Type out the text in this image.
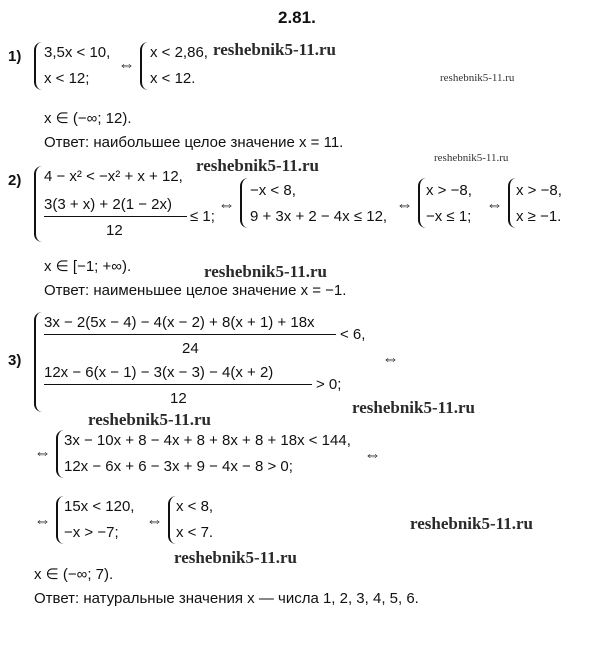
2.81.
1) 3,5x < 10,
x < 12;
⇔
x < 2,86,
x < 12.
reshebnik5-11.ru
reshebnik5-11.ru
x ∈ (−∞; 12).
Ответ: наибольшее целое значение x = 11.
reshebnik5-11.ru	reshebnik5-11.ru
2) 4 − x² < −x² + x + 12,
3(3 + x) + 2(1 − 2x)
12
≤ 1;
⇔
−x < 8,
9 + 3x + 2 − 4x ≤ 12,
⇔
x > −8,
−x ≤ 1;
⇔
x > −8,
x ≥ −1.
x ∈ [−1; +∞).	reshebnik5-11.ru
Ответ: наименьшее целое значение x = −1.
3)
3x − 2(5x − 4) − 4(x − 2) + 8(x + 1) + 18x
24
< 6,
⇔
12x − 6(x − 1) − 3(x − 3) − 4(x + 2)
12
> 0;
reshebnik5-11.ru
reshebnik5-11.ru
⇔
3x − 10x + 8 − 4x + 8 + 8x + 8 + 18x < 144,
12x − 6x + 6 − 3x + 9 − 4x − 8 > 0;
⇔
⇔
15x < 120,
−x > −7;
⇔
x < 8,
x < 7.	reshebnik5-11.ru
reshebnik5-11.ru
x ∈ (−∞; 7).
Ответ: натуральные значения x — числа 1, 2, 3, 4, 5, 6.
